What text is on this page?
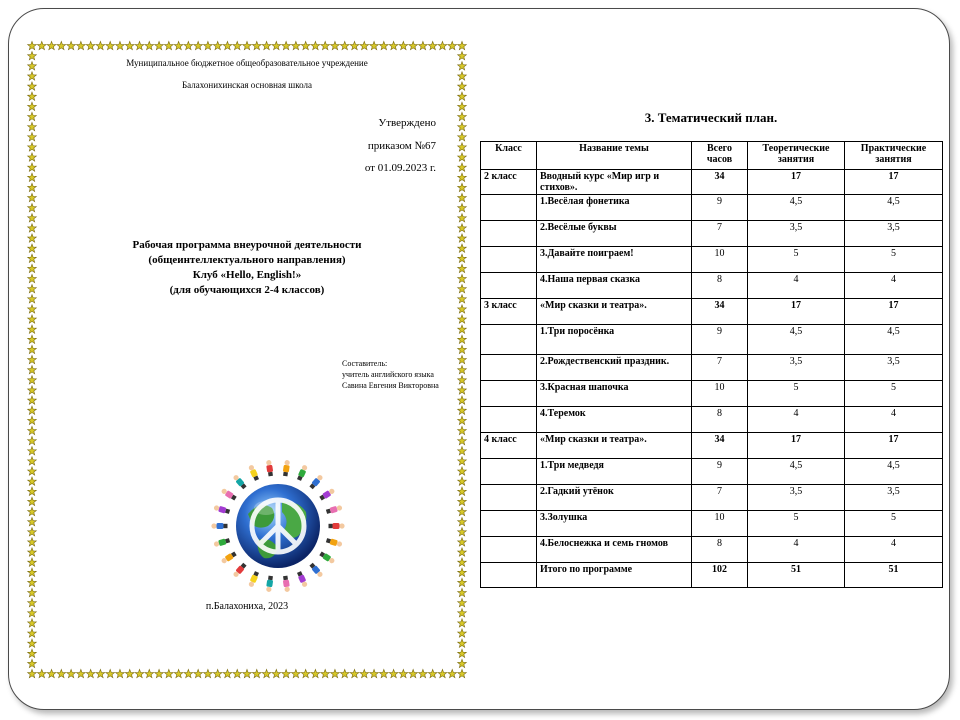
Муниципальное бюджетное общеобразовательное учреждение
Балахонихинская основная школа
Утверждено
приказом №67
от 01.09.2023 г.
Рабочая программа внеурочной деятельности
(общеинтеллектуального направления)
Клуб «Hello, English!»
(для обучающихся 2-4 классов)
Составитель:
учитель английского языка
Савина Евгения Викторовна
п.Балахониха, 2023
3. Тематический план.
Класс	Название темы	Всего часов	Теоретические занятия	Практические занятия
2 класс	Вводный курс «Мир игр и стихов».	34	17	17
	1.Весёлая фонетика	9	4,5	4,5
	2.Весёлые буквы	7	3,5	3,5
	3.Давайте поиграем!	10	5	5
	4.Наша первая сказка	8	4	4
3 класс	«Мир сказки и театра».	34	17	17
	1.Три поросёнка	9	4,5	4,5
	2.Рождественский праздник.	7	3,5	3,5
	3.Красная шапочка	10	5	5
	4.Теремок	8	4	4
4 класс	«Мир сказки и театра».	34	17	17
	1.Три медведя	9	4,5	4,5
	2.Гадкий утёнок	7	3,5	3,5
	3.Золушка	10	5	5
	4.Белоснежка и семь гномов	8	4	4
	Итого по программе	102	51	51
